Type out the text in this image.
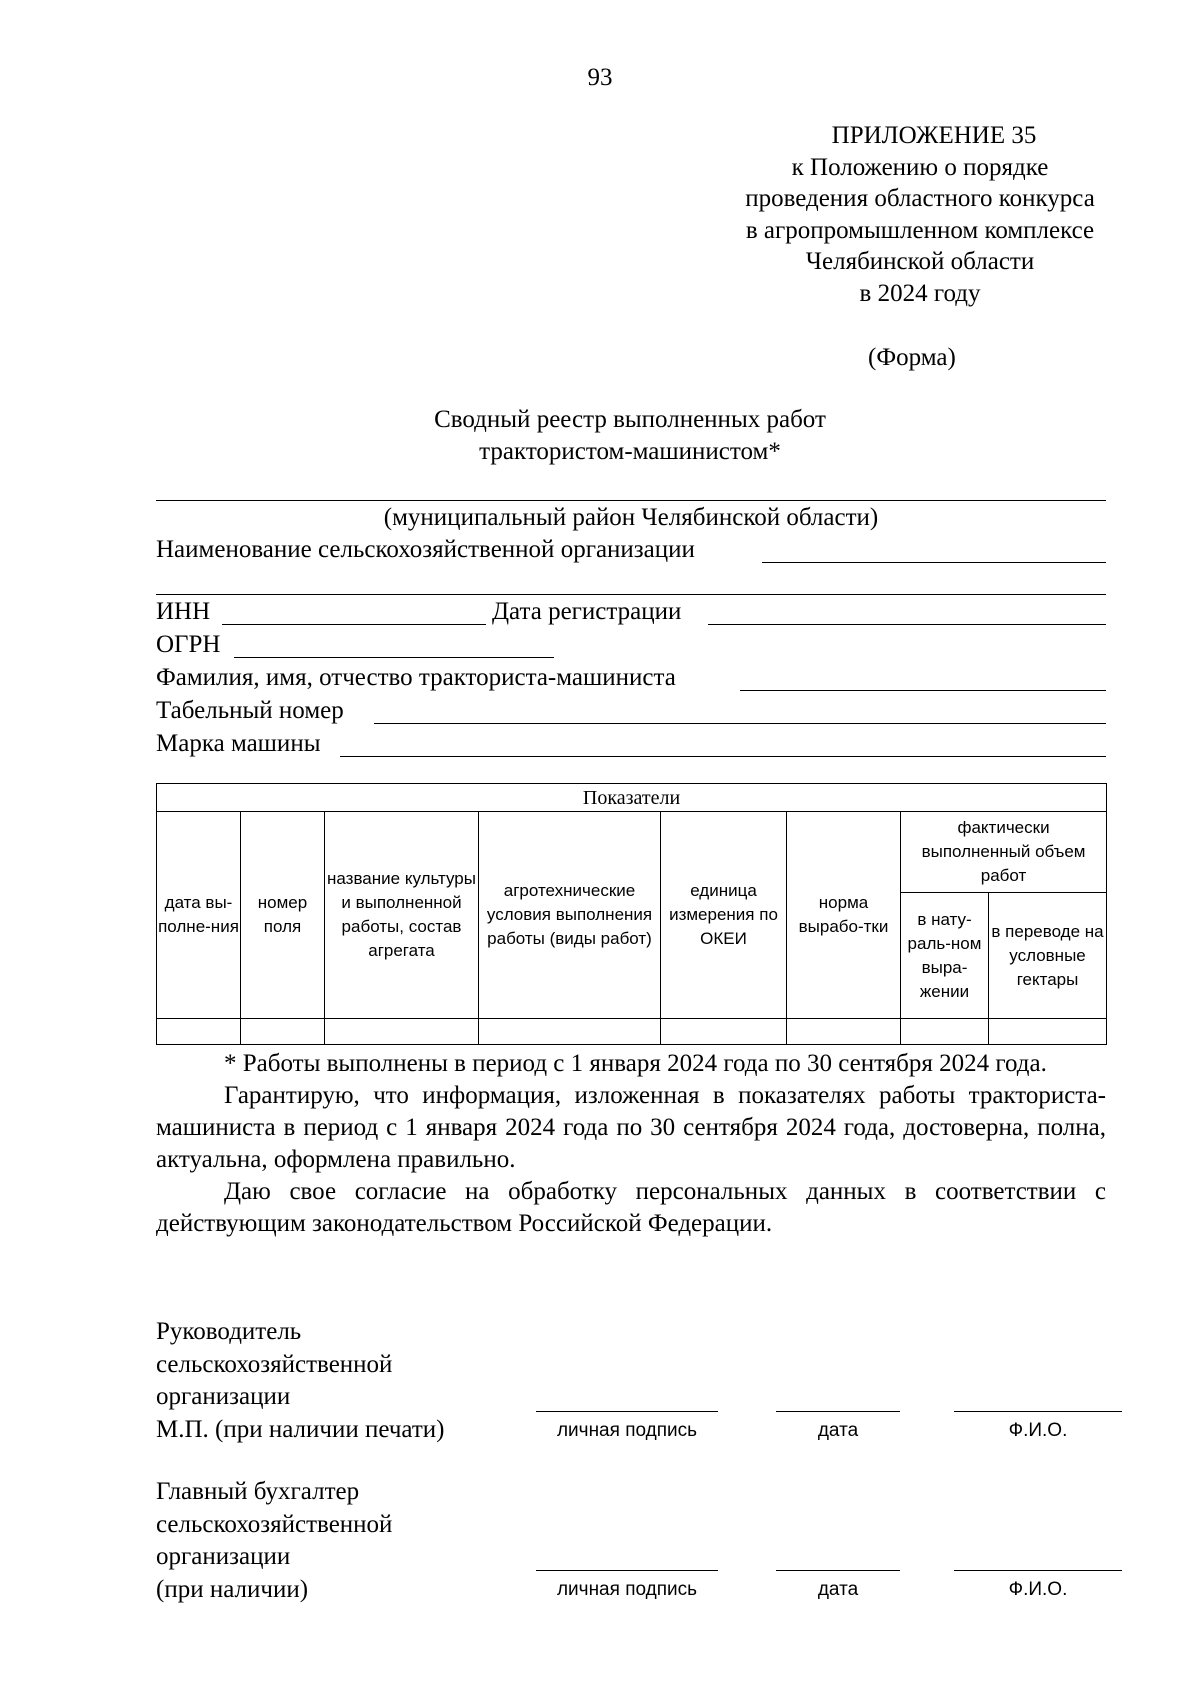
93
ПРИЛОЖЕНИЕ 35
к Положению о порядке
проведения областного конкурса
в агропромышленном комплексе
Челябинской области
в 2024 году
(Форма)
Сводный реестр выполненных работ
трактористом-машинистом*
(муниципальный район Челябинской области)
Наименование сельскохозяйственной организации
ИНН	Дата регистрации
ОГРН
Фамилия, имя, отчество тракториста-машиниста
Табельный номер
Марка машины
Показатели							
дата вы-полне-ния	номер поля	название культуры и выполненной работы, состав агрегата	агротехнические условия выполнения работы (виды работ)	единица измерения по ОКЕИ	норма вырабо-тки	фактически выполненный объем работ	
						в нату-раль-ном выра-жении	в переводе на условные гектары

* Работы выполнены в период с 1 января 2024 года по 30 сентября 2024 года.

Гарантирую, что информация, изложенная в показателях работы тракториста-машиниста в период с 1 января 2024 года по 30 сентября 2024 года, достоверна, полна, актуальна, оформлена правильно.

Даю свое согласие на обработку персональных данных в соответствии с действующим законодательством Российской Федерации.

Руководитель
сельскохозяйственной
организации
М.П. (при наличии печати)	личная подпись	дата	Ф.И.О.
Главный бухгалтер
сельскохозяйственной
организации
(при наличии)	личная подпись	дата	Ф.И.О.
